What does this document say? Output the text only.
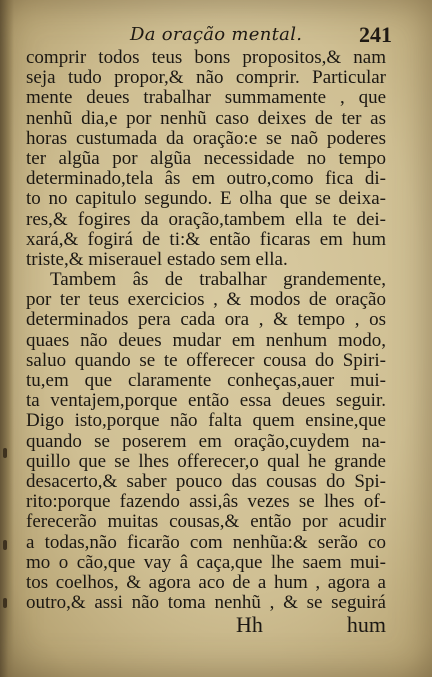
Da oração mental.	241
comprir todos teus bons propositos,& nam
seja tudo propor,& não comprir. Particular
mente deues trabalhar summamente , que
nenhũ dia,e por nenhũ caso deixes de ter as
horas custumada da oração:e se naõ poderes
ter algũa por algũa necessidade no tempo
determinado,tela âs em outro,como fica di-
to no capitulo segundo. E olha que se deixa-
res,& fogires da oração,tambem ella te dei-
xará,& fogirá de ti:& então ficaras em hum
triste,& miserauel estado sem ella.
Tambem âs de trabalhar grandemente,
por ter teus exercicios , & modos de oração
determinados pera cada ora , & tempo , os
quaes não deues mudar em nenhum modo,
saluo quando se te offerecer cousa do Spiri-
tu,em que claramente conheças,auer mui-
ta ventajem,porque então essa deues seguir.
Digo isto,porque não falta quem ensine,que
quando se poserem em oração,cuydem na-
quillo que se lhes offerecer,o qual he grande
desacerto,& saber pouco das cousas do Spi-
rito:porque fazendo assi,âs vezes se lhes of-
ferecerão muitas cousas,& então por acudir
a todas,não ficarão com nenhũa:& serão co
mo o cão,que vay â caça,que lhe saem mui-
tos coelhos, & agora aco de a hum , agora a
outro,& assi não toma nenhũ , & se seguirá
Hh	hum
